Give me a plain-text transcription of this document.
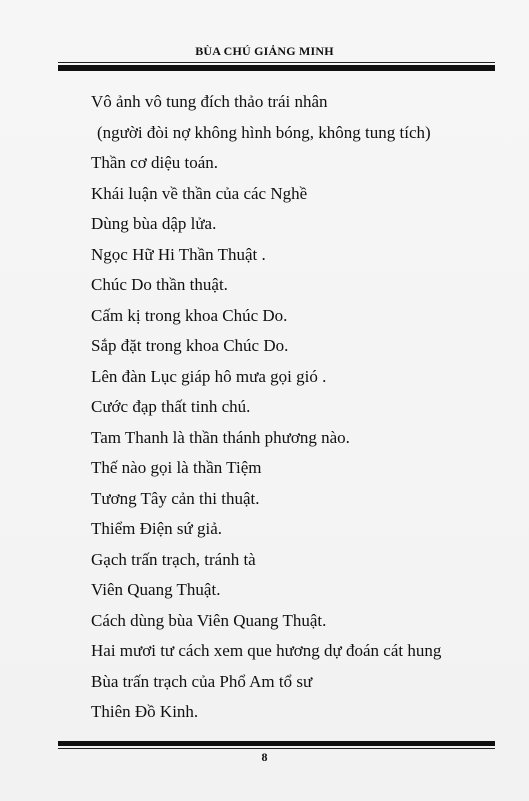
BÙA CHÚ GIẢNG MINH
Vô ảnh vô tung đích thảo trái nhân
(người đòi nợ không hình bóng, không tung tích)
Thần cơ diệu toán.
Khái luận về thần của các Nghề
Dùng bùa dập lửa.
Ngọc Hữ Hi Thần Thuật .
Chúc Do thần thuật.
Cấm kị trong khoa Chúc Do.
Sắp đặt trong khoa Chúc Do.
Lên đàn Lục giáp hô mưa gọi gió .
Cước đạp thất tinh chú.
Tam Thanh là thần thánh phương nào.
Thế nào gọi là thần Tiệm
Tương Tây cản thi thuật.
Thiểm Điện sứ giả.
Gạch trấn trạch, tránh tà
Viên Quang Thuật.
Cách dùng bùa Viên Quang Thuật.
Hai mươi tư cách xem que hương dự đoán cát hung
Bùa trấn trạch của Phổ Am tổ sư
Thiên Đồ Kinh.
8
